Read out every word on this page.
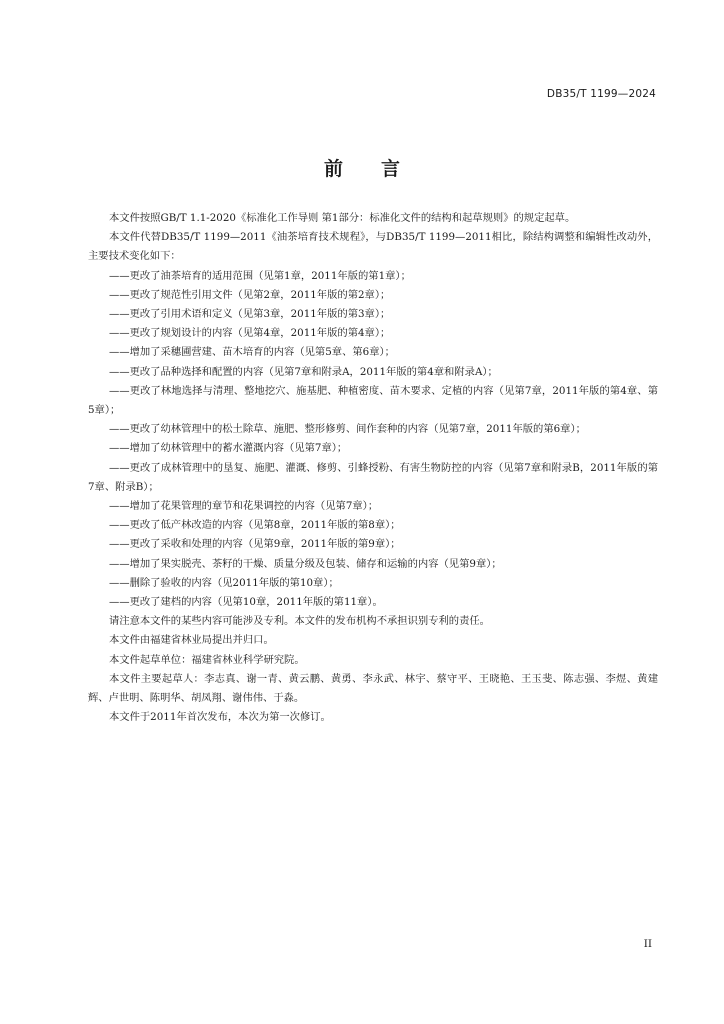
DB35/T 1199—2024
前 言

本文件按照GB/T 1.1-2020《标准化工作导则 第1部分：标准化文件的结构和起草规则》的规定起草。

本文件代替DB35/T 1199—2011《油茶培育技术规程》，与DB35/T 1199—2011相比，除结构调整和编辑性改动外，主要技术变化如下：

——更改了油茶培育的适用范围（见第1章，2011年版的第1章）；

——更改了规范性引用文件（见第2章，2011年版的第2章）；

——更改了引用术语和定义（见第3章，2011年版的第3章）；

——更改了规划设计的内容（见第4章，2011年版的第4章）；

——增加了采穗圃营建、苗木培育的内容（见第5章、第6章）；

——更改了品种选择和配置的内容（见第7章和附录A，2011年版的第4章和附录A）；

——更改了林地选择与清理、整地挖穴、施基肥、种植密度、苗木要求、定植的内容（见第7章，2011年版的第4章、第5章）；

——更改了幼林管理中的松土除草、施肥、整形修剪、间作套种的内容（见第7章，2011年版的第6章）；

——增加了幼林管理中的蓄水灌溉内容（见第7章）；

——更改了成林管理中的垦复、施肥、灌溉、修剪、引蜂授粉、有害生物防控的内容（见第7章和附录B，2011年版的第7章、附录B）；

——增加了花果管理的章节和花果调控的内容（见第7章）；

——更改了低产林改造的内容（见第8章，2011年版的第8章）；

——更改了采收和处理的内容（见第9章，2011年版的第9章）；

——增加了果实脱壳、茶籽的干燥、质量分级及包装、储存和运输的内容（见第9章）；

——删除了验收的内容（见2011年版的第10章）；

——更改了建档的内容（见第10章，2011年版的第11章）。

请注意本文件的某些内容可能涉及专利。本文件的发布机构不承担识别专利的责任。

本文件由福建省林业局提出并归口。

本文件起草单位：福建省林业科学研究院。

本文件主要起草人：李志真、谢一青、黄云鹏、黄勇、李永武、林宇、蔡守平、王晓艳、王玉斐、陈志强、李煜、黄建辉、卢世明、陈明华、胡凤翔、谢伟伟、于淼。

本文件于2011年首次发布，本次为第一次修订。

II
